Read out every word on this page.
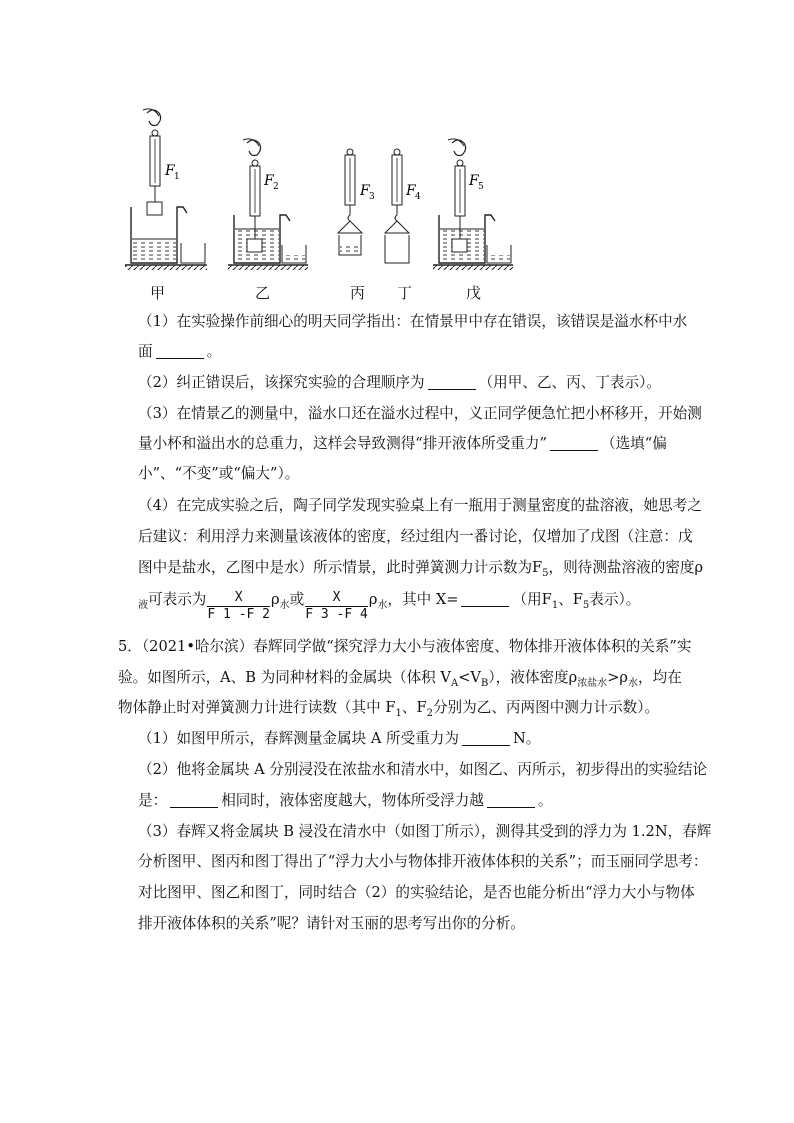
F 1	F 2	F 3 F 4
F 5
甲	乙	丙 丁	戊
（1）在实验操作前细心的明天同学指出：在情景甲中存在错误，该错误是溢水杯中水
面	。
（2）纠正错误后，该探究实验的合理顺序为	（用甲、乙、丙、丁表示）。
（3）在情景乙的测量中，溢水口还在溢水过程中，义正同学便急忙把小杯移开，开始测
量小杯和溢出水的总重力，这样会导致测得“排开液体所受重力”	（选填“偏
小”、“不变”或“偏大”）。
（4）在完成实验之后，陶子同学发现实验桌上有一瓶用于测量密度的盐溶液，她思考之
后建议：利用浮力来测量该液体的密度，经过组内一番讨论，仅增加了戊图（注意：戊
图中是盐水，乙图中是水）所示情景，此时弹簧测力计示数为$F_5$，则待测盐溶液的密度ρ
$_液$可表示为 $\frac{X}{F 1 -F 2} \rho_水$或 $\frac{X}{F 3 -F 4} \rho_水$，其中 X=	（用$F_1$、$F_5$表示）。
5．（2021•哈尔滨）春辉同学做“探究浮力大小与液体密度、物体排开液体体积的关系”实
验。如图所示，A、B 为同种材料的金属块（体积 $V_A<V_B$），液体密度$\rho_{浓盐水}>\rho_水$，均在
物体静止时对弹簧测力计进行读数（其中 $F_1$、$F_2$分别为乙、丙两图中测力计示数）。
（1）如图甲所示，春辉测量金属块 A 所受重力为	N。
（2）他将金属块 A 分别浸没在浓盐水和清水中，如图乙、丙所示，初步得出的实验结论
是：	相同时，液体密度越大，物体所受浮力越	。
（3）春辉又将金属块 B 浸没在清水中（如图丁所示），测得其受到的浮力为 1.2N，春辉
分析图甲、图丙和图丁得出了“浮力大小与物体排开液体体积的关系”；而玉丽同学思考：
对比图甲、图乙和图丁，同时结合（2）的实验结论，是否也能分析出“浮力大小与物体
排开液体体积的关系”呢？请针对玉丽的思考写出你的分析。
